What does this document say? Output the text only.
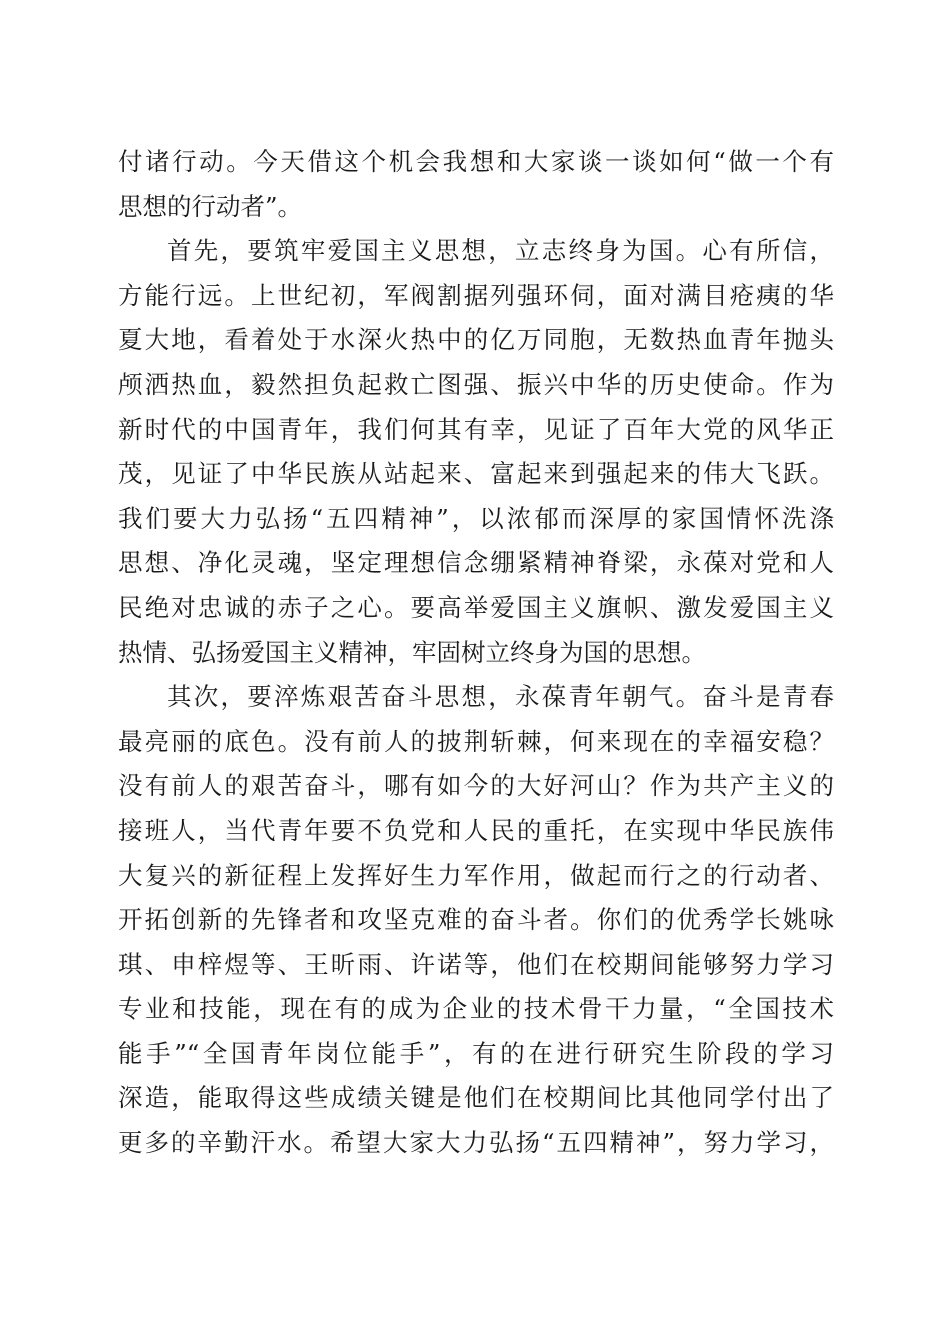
付诸行动。今天借这个机会我想和大家谈一谈如何“做一个有
思想的行动者”。
首先，要筑牢爱国主义思想，立志终身为国。心有所信，
方能行远。上世纪初，军阀割据列强环伺，面对满目疮痍的华
夏大地，看着处于水深火热中的亿万同胞，无数热血青年抛头
颅洒热血，毅然担负起救亡图强、振兴中华的历史使命。作为
新时代的中国青年，我们何其有幸，见证了百年大党的风华正
茂，见证了中华民族从站起来、富起来到强起来的伟大飞跃。
我们要大力弘扬“五四精神”，以浓郁而深厚的家国情怀洗涤
思想、净化灵魂，坚定理想信念绷紧精神脊梁，永葆对党和人
民绝对忠诚的赤子之心。要高举爱国主义旗帜、激发爱国主义
热情、弘扬爱国主义精神，牢固树立终身为国的思想。
其次，要淬炼艰苦奋斗思想，永葆青年朝气。奋斗是青春
最亮丽的底色。没有前人的披荆斩棘，何来现在的幸福安稳？
没有前人的艰苦奋斗，哪有如今的大好河山？作为共产主义的
接班人，当代青年要不负党和人民的重托，在实现中华民族伟
大复兴的新征程上发挥好生力军作用，做起而行之的行动者、
开拓创新的先锋者和攻坚克难的奋斗者。你们的优秀学长姚咏
琪、申梓煜等、王昕雨、许诺等，他们在校期间能够努力学习
专业和技能，现在有的成为企业的技术骨干力量，“全国技术
能手”“全国青年岗位能手”，有的在进行研究生阶段的学习
深造，能取得这些成绩关键是他们在校期间比其他同学付出了
更多的辛勤汗水。希望大家大力弘扬“五四精神”，努力学习，
